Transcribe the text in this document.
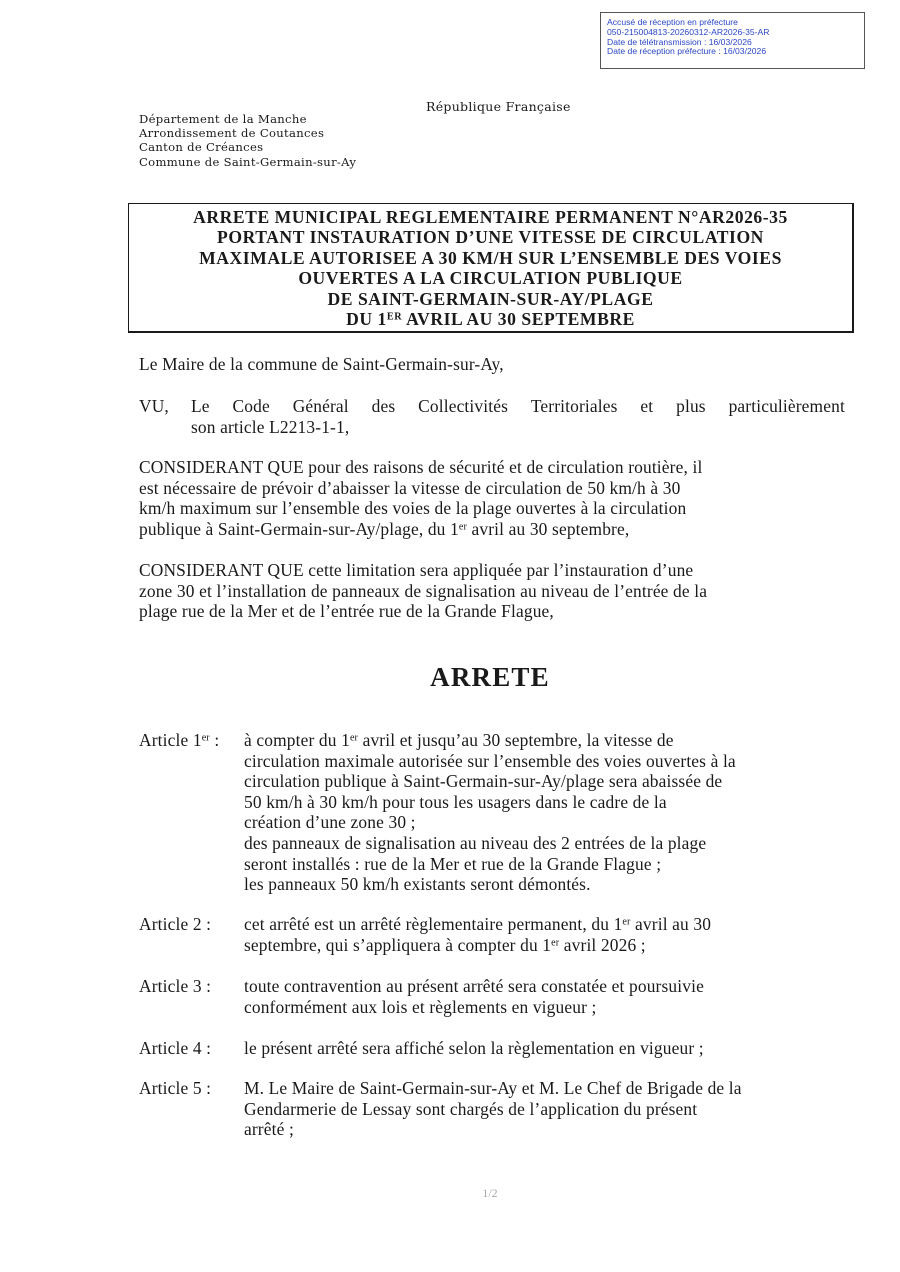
Accusé de réception en préfecture
050-215004813-20260312-AR2026-35-AR
Date de télétransmission : 16/03/2026
Date de réception préfecture : 16/03/2026
République Française
Département de la Manche
Arrondissement de Coutances
Canton de Créances
Commune de Saint-Germain-sur-Ay
ARRETE MUNICIPAL REGLEMENTAIRE PERMANENT N°AR2026-35
PORTANT INSTAURATION D’UNE VITESSE DE CIRCULATION
MAXIMALE AUTORISEE A 30 KM/H SUR L’ENSEMBLE DES VOIES
OUVERTES A LA CIRCULATION PUBLIQUE
DE SAINT-GERMAIN-SUR-AY/PLAGE
DU 1ER AVRIL AU 30 SEPTEMBRE
Le Maire de la commune de Saint-Germain-sur-Ay,
VU, Le Code Général des Collectivités Territoriales et plus particulièrement
son article L2213-1-1,
CONSIDERANT QUE pour des raisons de sécurité et de circulation routière, il
est nécessaire de prévoir d’abaisser la vitesse de circulation de 50 km/h à 30
km/h maximum sur l’ensemble des voies de la plage ouvertes à la circulation
publique à Saint-Germain-sur-Ay/plage, du 1er avril au 30 septembre,
CONSIDERANT QUE cette limitation sera appliquée par l’instauration d’une
zone 30 et l’installation de panneaux de signalisation au niveau de l’entrée de la
plage rue de la Mer et de l’entrée rue de la Grande Flague,
ARRETE
Article 1er :	à compter du 1er avril et jusqu’au 30 septembre, la vitesse de
circulation maximale autorisée sur l’ensemble des voies ouvertes à la
circulation publique à Saint-Germain-sur-Ay/plage sera abaissée de
50 km/h à 30 km/h pour tous les usagers dans le cadre de la
création d’une zone 30 ;
des panneaux de signalisation au niveau des 2 entrées de la plage
seront installés : rue de la Mer et rue de la Grande Flague ;
les panneaux 50 km/h existants seront démontés.
Article 2 :	cet arrêté est un arrêté règlementaire permanent, du 1er avril au 30
septembre, qui s’appliquera à compter du 1er avril 2026 ;
Article 3 :	toute contravention au présent arrêté sera constatée et poursuivie
conformément aux lois et règlements en vigueur ;
Article 4 :	le présent arrêté sera affiché selon la règlementation en vigueur ;
Article 5 :	M. Le Maire de Saint-Germain-sur-Ay et M. Le Chef de Brigade de la
Gendarmerie de Lessay sont chargés de l’application du présent
arrêté ;
1/2
